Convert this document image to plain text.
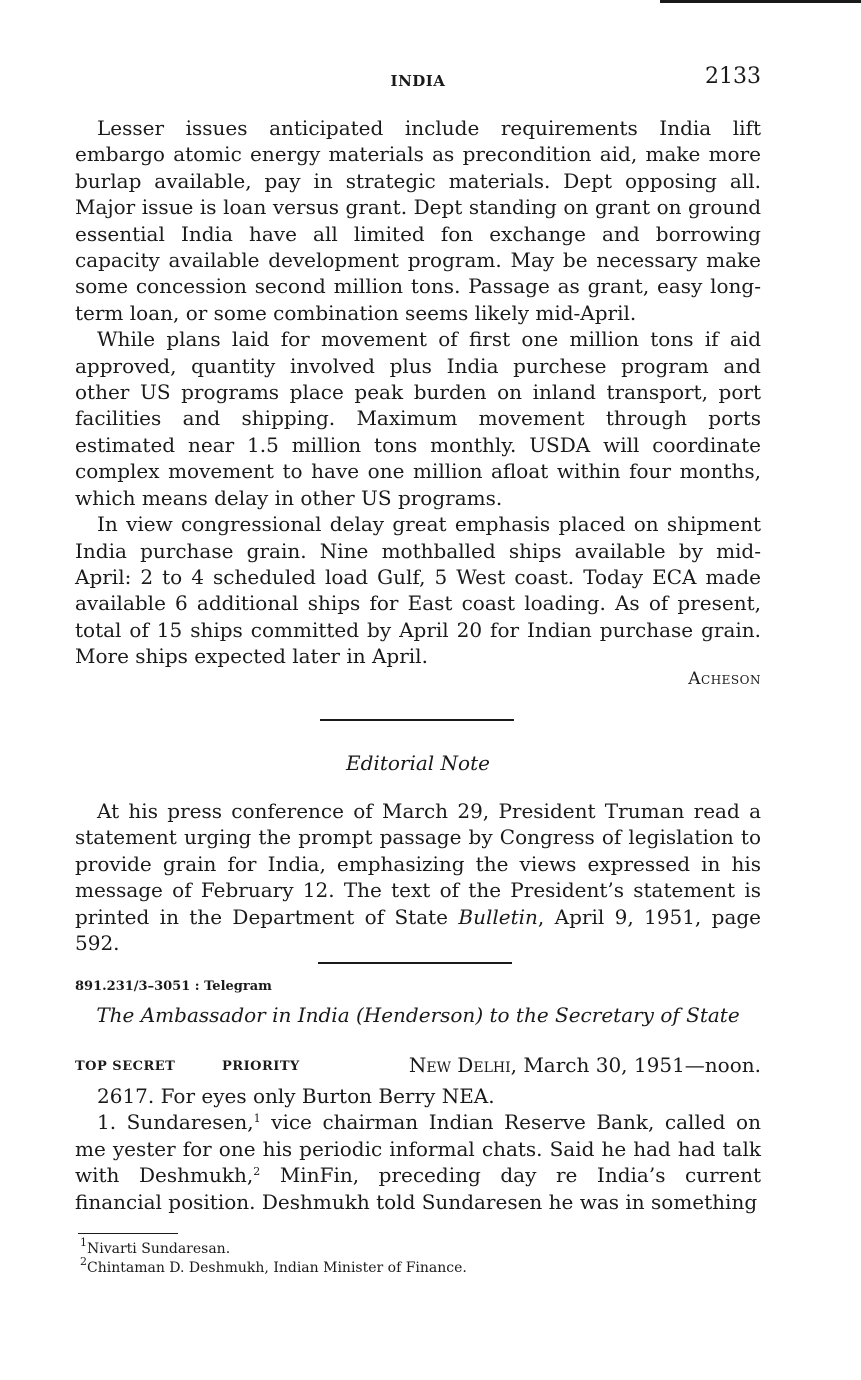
INDIA	2133

Lesser issues anticipated include requirements India lift embargo atomic energy materials as precondition aid, make more burlap available, pay in strategic materials. Dept opposing all. Major issue is loan versus grant. Dept standing on grant on ground essential India have all limited fon exchange and borrowing capacity available development program. May be necessary make some concession second million tons. Passage as grant, easy long-term loan, or some combination seems likely mid-April.

While plans laid for movement of first one million tons if aid approved, quantity involved plus India purchese program and other US programs place peak burden on inland transport, port facilities and shipping. Maximum movement through ports estimated near 1.5 million tons monthly. USDA will coordinate complex movement to have one million afloat within four months, which means delay in other US programs.

In view congressional delay great emphasis placed on shipment India purchase grain. Nine mothballed ships available by mid-April: 2 to 4 scheduled load Gulf, 5 West coast. Today ECA made available 6 additional ships for East coast loading. As of present, total of 15 ships committed by April 20 for Indian purchase grain. More ships expected later in April.

Acheson
Editorial Note

At his press conference of March 29, President Truman read a statement urging the prompt passage by Congress of legislation to provide grain for India, emphasizing the views expressed in his message of February 12. The text of the President’s statement is printed in the Department of State Bulletin, April 9, 1951, page 592.

891.231/3–3051 : Telegram
The Ambassador in India (Henderson) to the Secretary of State
TOP SECRET	PRIORITY	New Delhi, March 30, 1951—noon.

2617. For eyes only Burton Berry NEA.

1. Sundaresen,$^1$ vice chairman Indian Reserve Bank, called on me yester for one his periodic informal chats. Said he had had talk with Deshmukh,$^2$ MinFin, preceding day re India’s current financial position. Deshmukh told Sundaresen he was in something

$^1$Nivarti Sundaresan.
$^2$Chintaman D. Deshmukh, Indian Minister of Finance.
